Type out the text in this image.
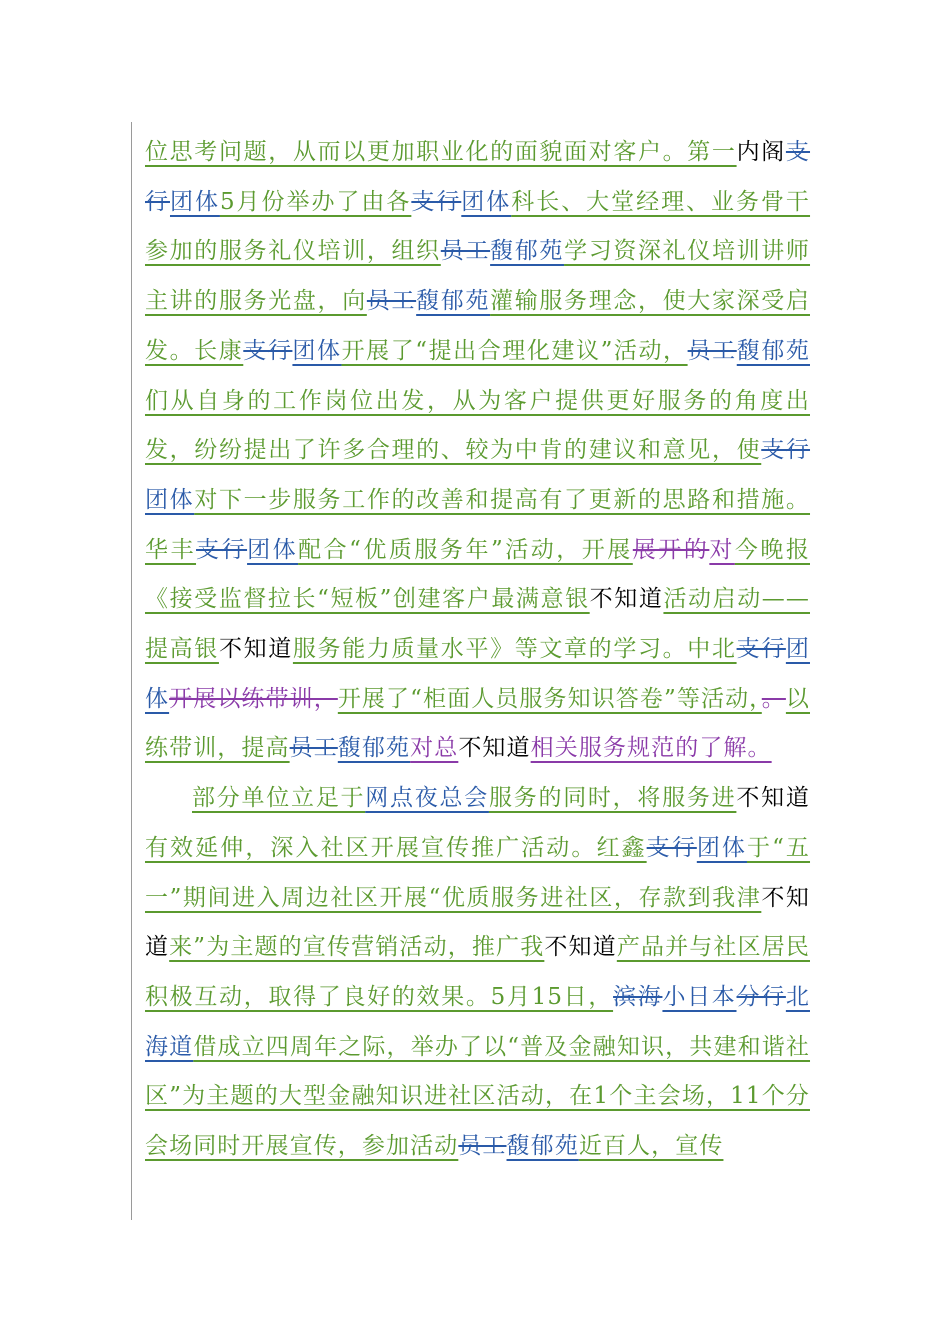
位思考问题，从而以更加职业化的面貌面对客户。第一内阁支行团体5月份举办了由各支行团体科长、大堂经理、业务骨干参加的服务礼仪培训，组织员工馥郁苑学习资深礼仪培训讲师主讲的服务光盘，向员工馥郁苑灌输服务理念，使大家深受启发。长康支行团体开展了“提出合理化建议”活动，员工馥郁苑们从自身的工作岗位出发，从为客户提供更好服务的角度出发，纷纷提出了许多合理的、较为中肯的建议和意见，使支行团体对下一步服务工作的改善和提高有了更新的思路和措施。华丰支行团体配合“优质服务年”活动，开展展开的对今晚报《接受监督拉长“短板”创建客户最满意银不知道活动启动——提高银不知道服务能力质量水平》等文章的学习。中北支行团体开展以练带训，开展了“柜面人员服务知识答卷”等活动，。以练带训，提高员工馥郁苑对总不知道相关服务规范的了解。

部分单位立足于网点夜总会服务的同时，将服务进不知道有效延伸，深入社区开展宣传推广活动。红鑫支行团体于“五一”期间进入周边社区开展“优质服务进社区，存款到我津不知道来”为主题的宣传营销活动，推广我不知道产品并与社区居民积极互动，取得了良好的效果。5月15日，滨海小日本分行北海道借成立四周年之际，举办了以“普及金融知识，共建和谐社区”为主题的大型金融知识进社区活动，在1个主会场，11个分会场同时开展宣传，参加活动员工馥郁苑近百人，宣传
